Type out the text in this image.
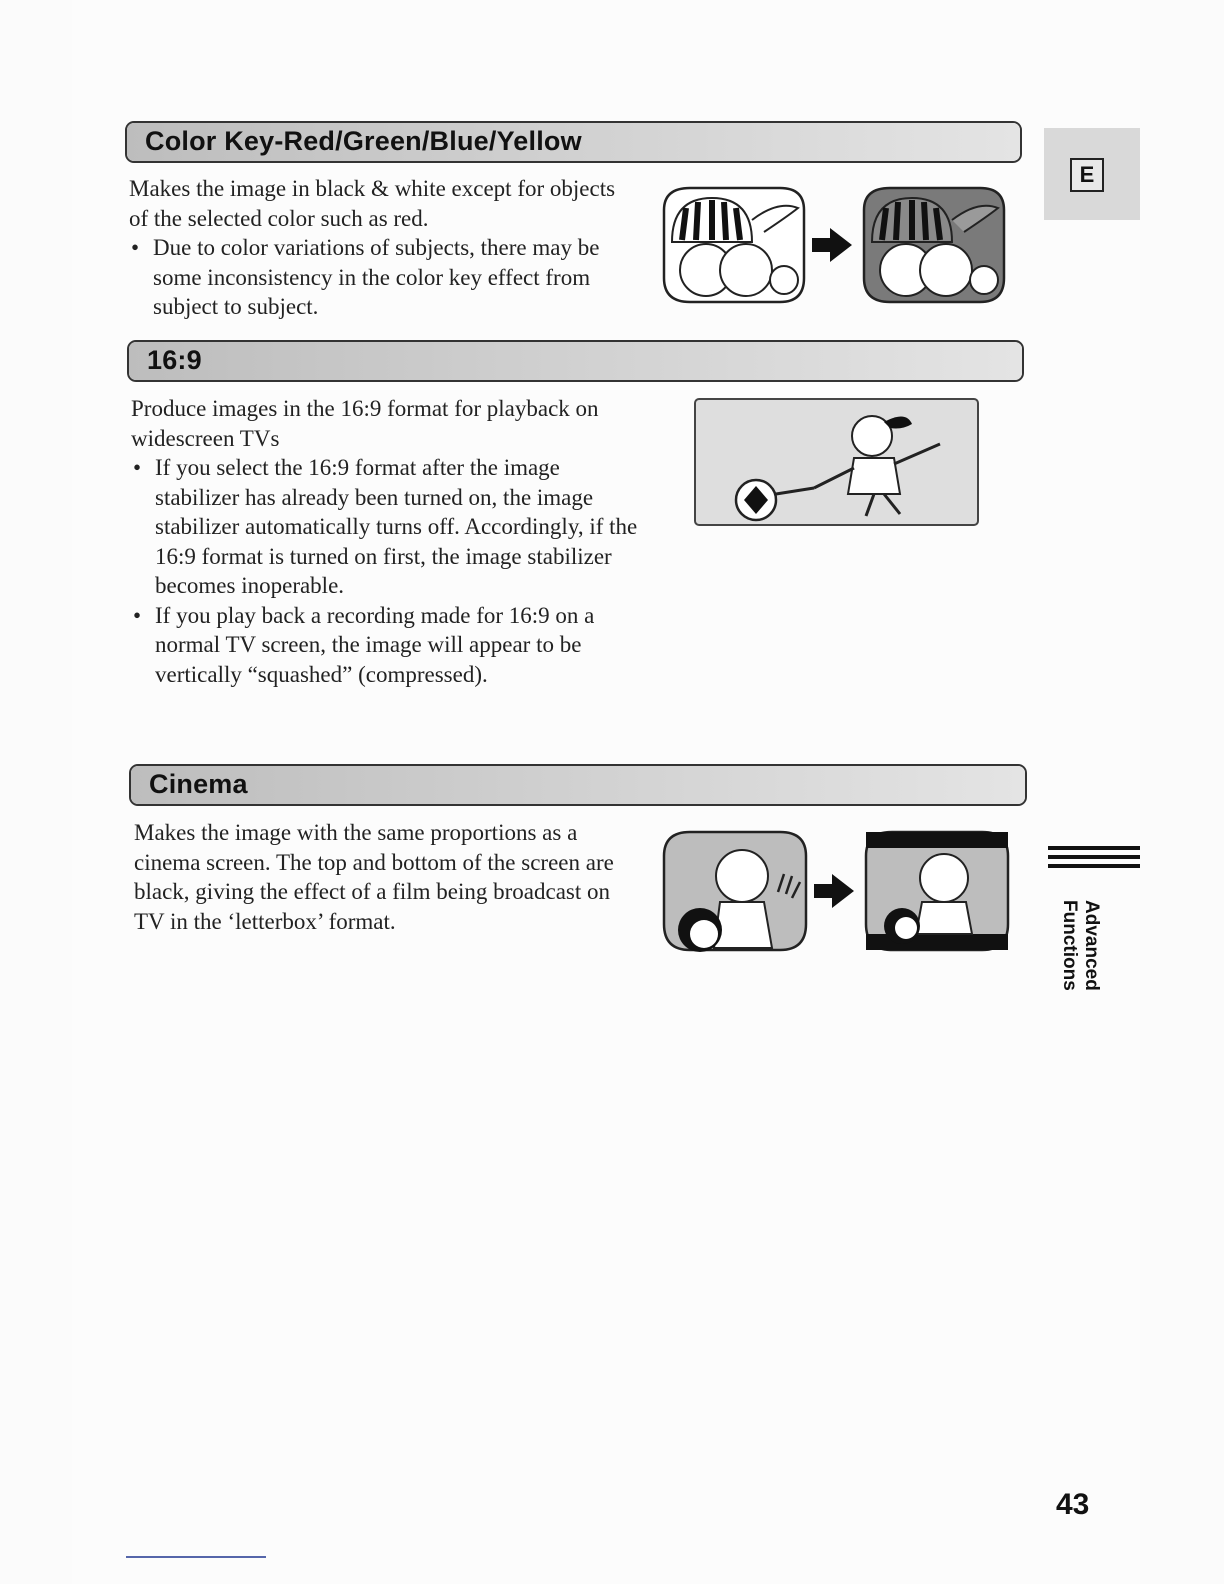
Color Key-Red/Green/Blue/Yellow

Makes the image in black & white except for objects of the selected color such as red.

• Due to color variations of subjects, there may be some inconsistency in the color key effect from subject to subject.
16:9

Produce images in the 16:9 format for playback on widescreen TVs

• If you select the 16:9 format after the image stabilizer has already been turned on, the image stabilizer automatically turns off. Accordingly, if the 16:9 format is turned on first, the image stabilizer becomes inoperable.
• If you play back a recording made for 16:9 on a normal TV screen, the image will appear to be vertically “squashed” (compressed).
Cinema

Makes the image with the same proportions as a cinema screen. The top and bottom of the screen are black, giving the effect of a film being broadcast on TV in the ‘letterbox’ format.

E
Advanced
Functions
43
